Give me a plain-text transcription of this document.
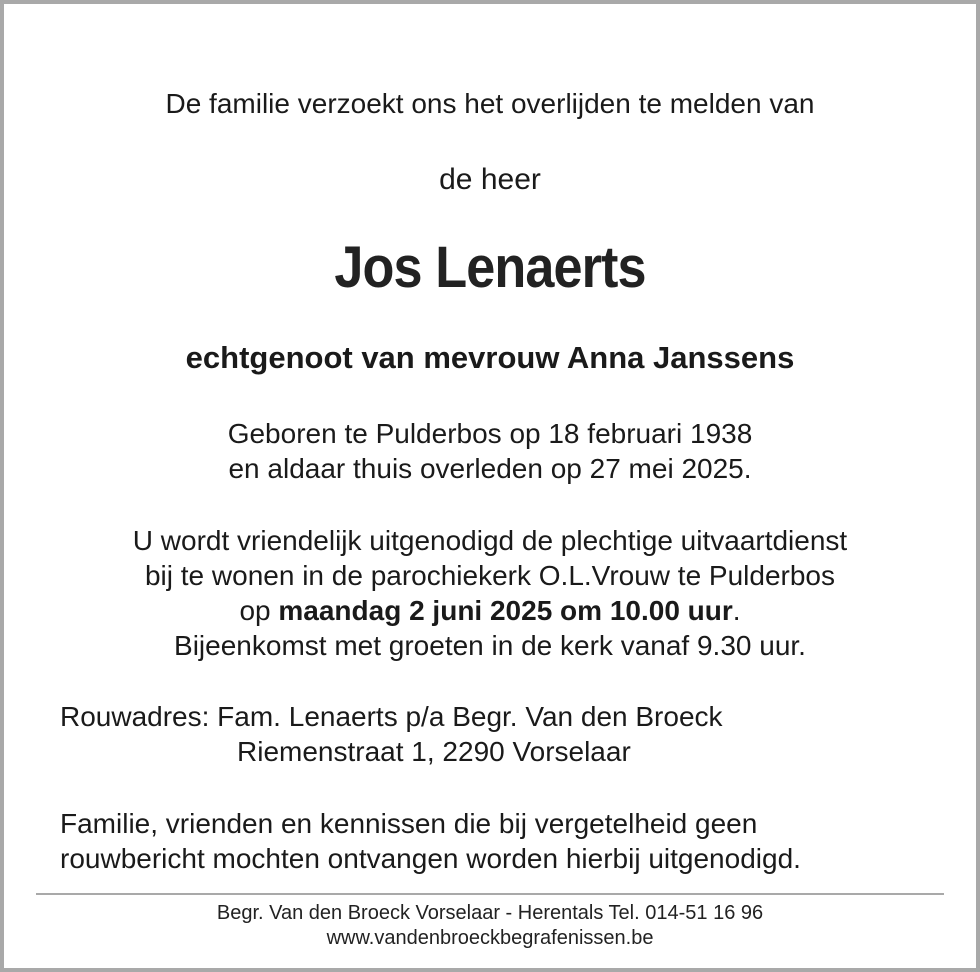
De familie verzoekt ons het overlijden te melden van

de heer

Jos Lenaerts

echtgenoot van mevrouw Anna Janssens

Geboren te Pulderbos op 18 februari 1938

en aldaar thuis overleden op 27 mei 2025.

U wordt vriendelijk uitgenodigd de plechtige uitvaartdienst

bij te wonen in de parochiekerk O.L.Vrouw te Pulderbos

op maandag 2 juni 2025 om 10.00 uur.

Bijeenkomst met groeten in de kerk vanaf 9.30 uur.

Rouwadres: Fam. Lenaerts p/a Begr. Van den Broeck

Riemenstraat 1, 2290 Vorselaar

Familie, vrienden en kennissen die bij vergetelheid geen

rouwbericht mochten ontvangen worden hierbij uitgenodigd.

Begr. Van den Broeck Vorselaar - Herentals Tel. 014-51 16 96

www.vandenbroeckbegrafenissen.be
